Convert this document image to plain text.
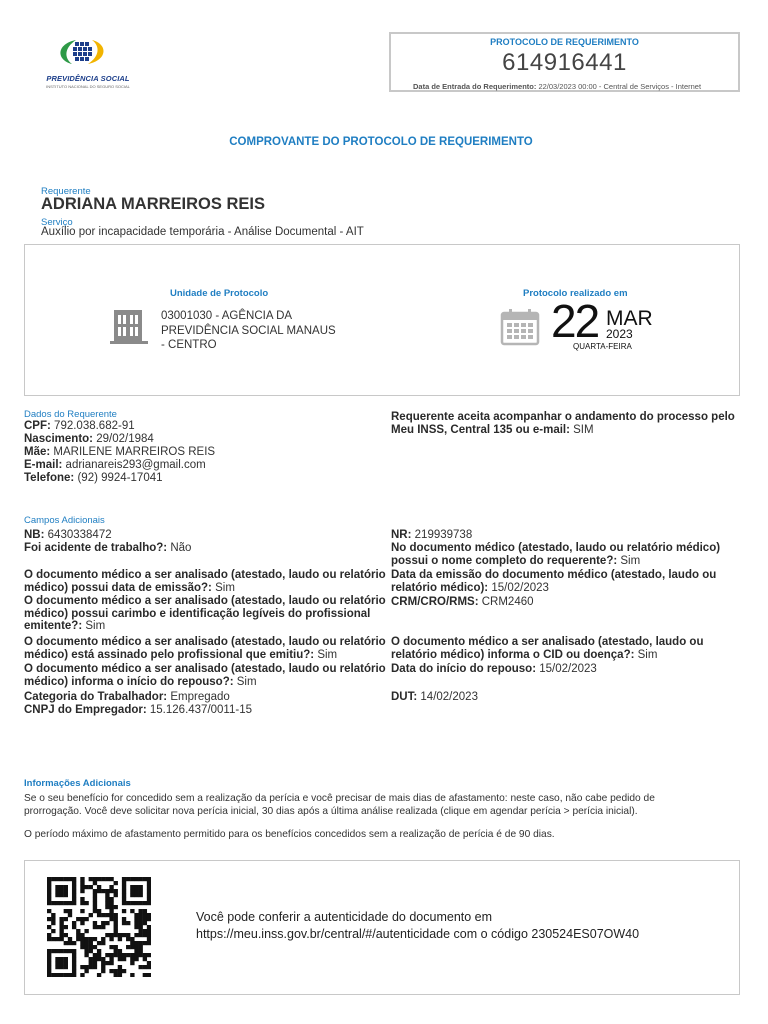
PREVIDÊNCIA SOCIAL
INSTITUTO NACIONAL DO SEGURO SOCIAL
PROTOCOLO DE REQUERIMENTO
614916441
Data de Entrada do Requerimento: 22/03/2023 00:00 - Central de Serviços - Internet
COMPROVANTE DO PROTOCOLO DE REQUERIMENTO
Requerente
ADRIANA MARREIROS REIS
Serviço
Auxílio por incapacidade temporária - Análise Documental - AIT
Unidade de Protocolo
03001030 - AGÊNCIA DA
PREVIDÊNCIA SOCIAL MANAUS
- CENTRO
Protocolo realizado em
22 MAR
2023
QUARTA-FEIRA
Dados do Requerente
CPF: 792.038.682-91
Nascimento: 29/02/1984
Mãe: MARILENE MARREIROS REIS
E-mail: adrianareis293@gmail.com
Telefone: (92) 9924-17041
Requerente aceita acompanhar o andamento do processo pelo
Meu INSS, Central 135 ou e-mail: SIM
Campos Adicionais
NB: 6430338472
Foi acidente de trabalho?: Não
O documento médico a ser analisado (atestado, laudo ou relatório
médico) possui data de emissão?: Sim
O documento médico a ser analisado (atestado, laudo ou relatório
médico) possui carimbo e identificação legíveis do profissional
emitente?: Sim
O documento médico a ser analisado (atestado, laudo ou relatório
médico) está assinado pelo profissional que emitiu?: Sim
O documento médico a ser analisado (atestado, laudo ou relatório
médico) informa o início do repouso?: Sim
Categoria do Trabalhador: Empregado
CNPJ do Empregador: 15.126.437/0011-15
NR: 219939738
No documento médico (atestado, laudo ou relatório médico)
possui o nome completo do requerente?: Sim
Data da emissão do documento médico (atestado, laudo ou
relatório médico): 15/02/2023
CRM/CRO/RMS: CRM2460
O documento médico a ser analisado (atestado, laudo ou
relatório médico) informa o CID ou doença?: Sim
Data do início do repouso: 15/02/2023
DUT: 14/02/2023
Informações Adicionais
Se o seu benefício for concedido sem a realização da perícia e você precisar de mais dias de afastamento: neste caso, não cabe pedido de
prorrogação. Você deve solicitar nova perícia inicial, 30 dias após a última análise realizada (clique em agendar perícia > perícia inicial).
O período máximo de afastamento permitido para os benefícios concedidos sem a realização de perícia é de 90 dias.
Você pode conferir a autenticidade do documento em
https://meu.inss.gov.br/central/#/autenticidade com o código 230524ES07OW40
